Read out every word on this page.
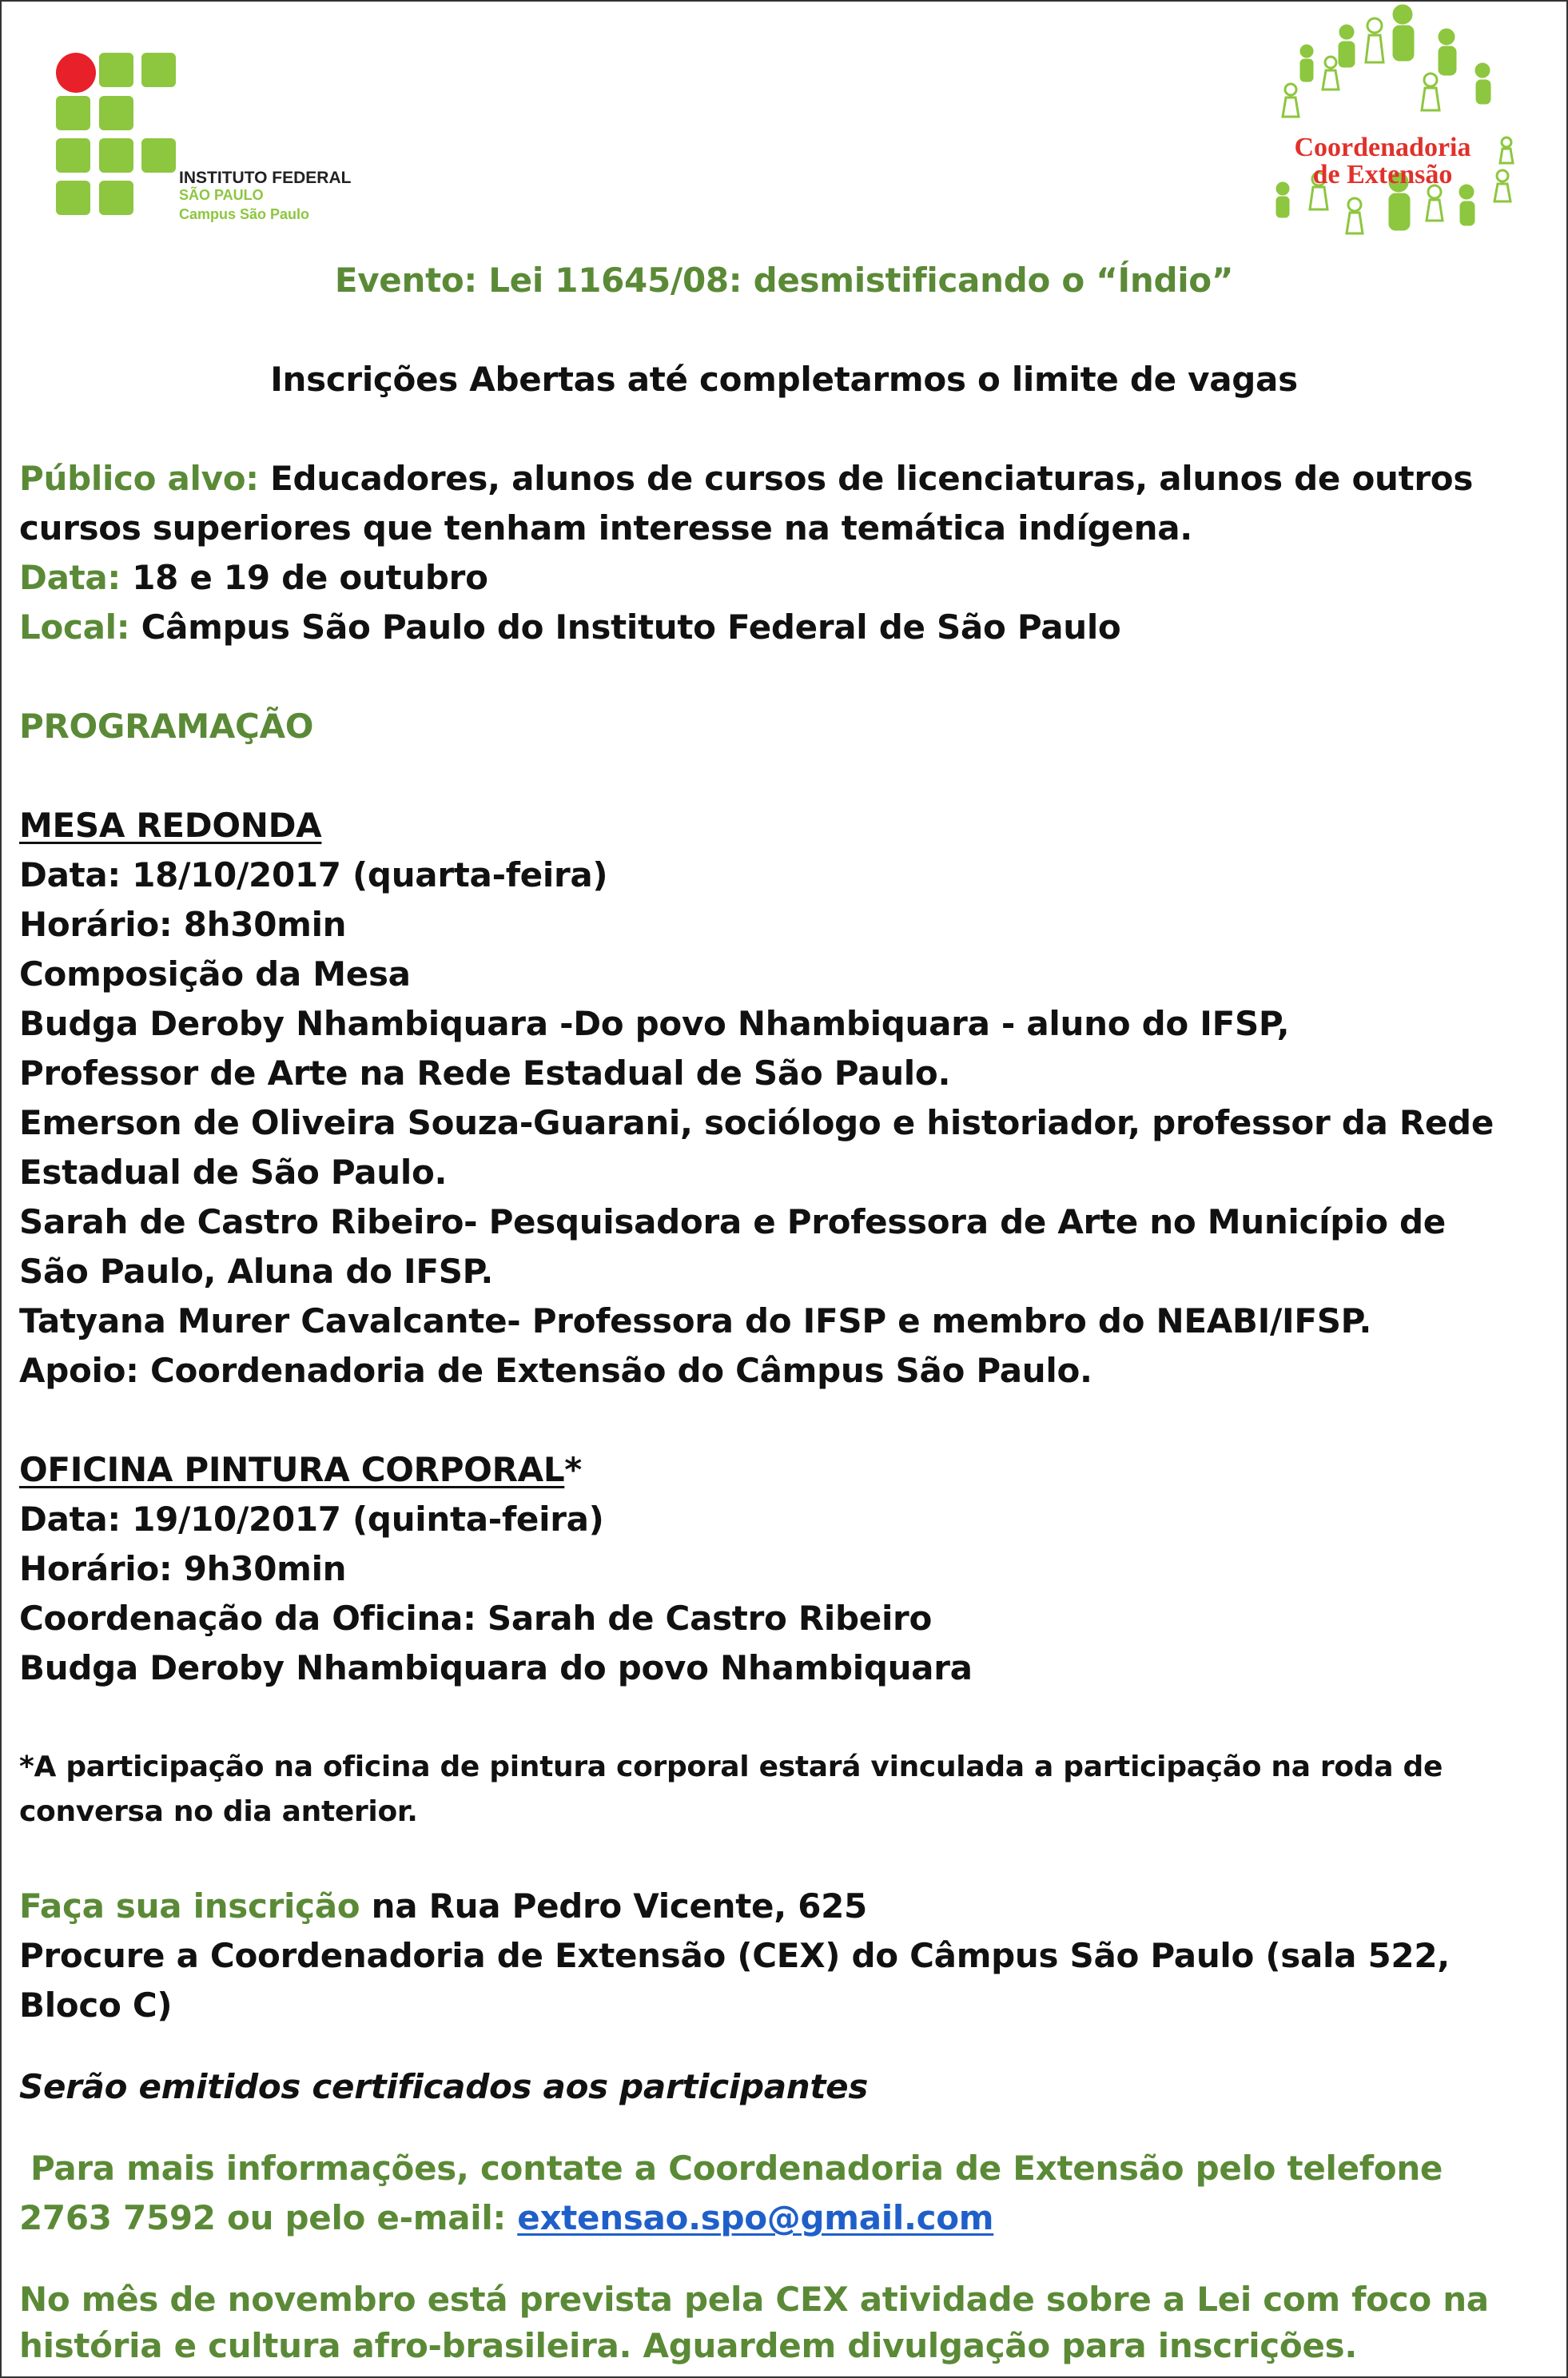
INSTITUTO FEDERAL

SÃO PAULO

Campus São Paulo

Coordenadoria

de Extensão

Evento: Lei 11645/08: desmistificando o “Índio”

Inscrições Abertas até completarmos o limite de vagas

Público alvo: Educadores, alunos de cursos de licenciaturas, alunos de outros

cursos superiores que tenham interesse na temática indígena.

Data: 18 e 19 de outubro

Local: Câmpus São Paulo do Instituto Federal de São Paulo

PROGRAMAÇÃO

MESA REDONDA

Data: 18/10/2017 (quarta-feira)

Horário: 8h30min

Composição da Mesa

Budga Deroby Nhambiquara -Do povo Nhambiquara - aluno do IFSP,

Professor de Arte na Rede Estadual de São Paulo.

Emerson de Oliveira Souza-Guarani, sociólogo e historiador, professor da Rede

Estadual de São Paulo.

Sarah de Castro Ribeiro- Pesquisadora e Professora de Arte no Município de

São Paulo, Aluna do IFSP.

Tatyana Murer Cavalcante- Professora do IFSP e membro do NEABI/IFSP.

Apoio: Coordenadoria de Extensão do Câmpus São Paulo.

OFICINA PINTURA CORPORAL*

Data: 19/10/2017 (quinta-feira)

Horário: 9h30min

Coordenação da Oficina: Sarah de Castro Ribeiro

Budga Deroby Nhambiquara do povo Nhambiquara

*A participação na oficina de pintura corporal estará vinculada a participação na roda de

conversa no dia anterior.

Faça sua inscrição na Rua Pedro Vicente, 625

Procure a Coordenadoria de Extensão (CEX) do Câmpus São Paulo (sala 522,

Bloco C)

Serão emitidos certificados aos participantes

Para mais informações, contate a Coordenadoria de Extensão pelo telefone

2763 7592 ou pelo e-mail: extensao.spo@gmail.com

No mês de novembro está prevista pela CEX atividade sobre a Lei com foco na

história e cultura afro-brasileira. Aguardem divulgação para inscrições.
